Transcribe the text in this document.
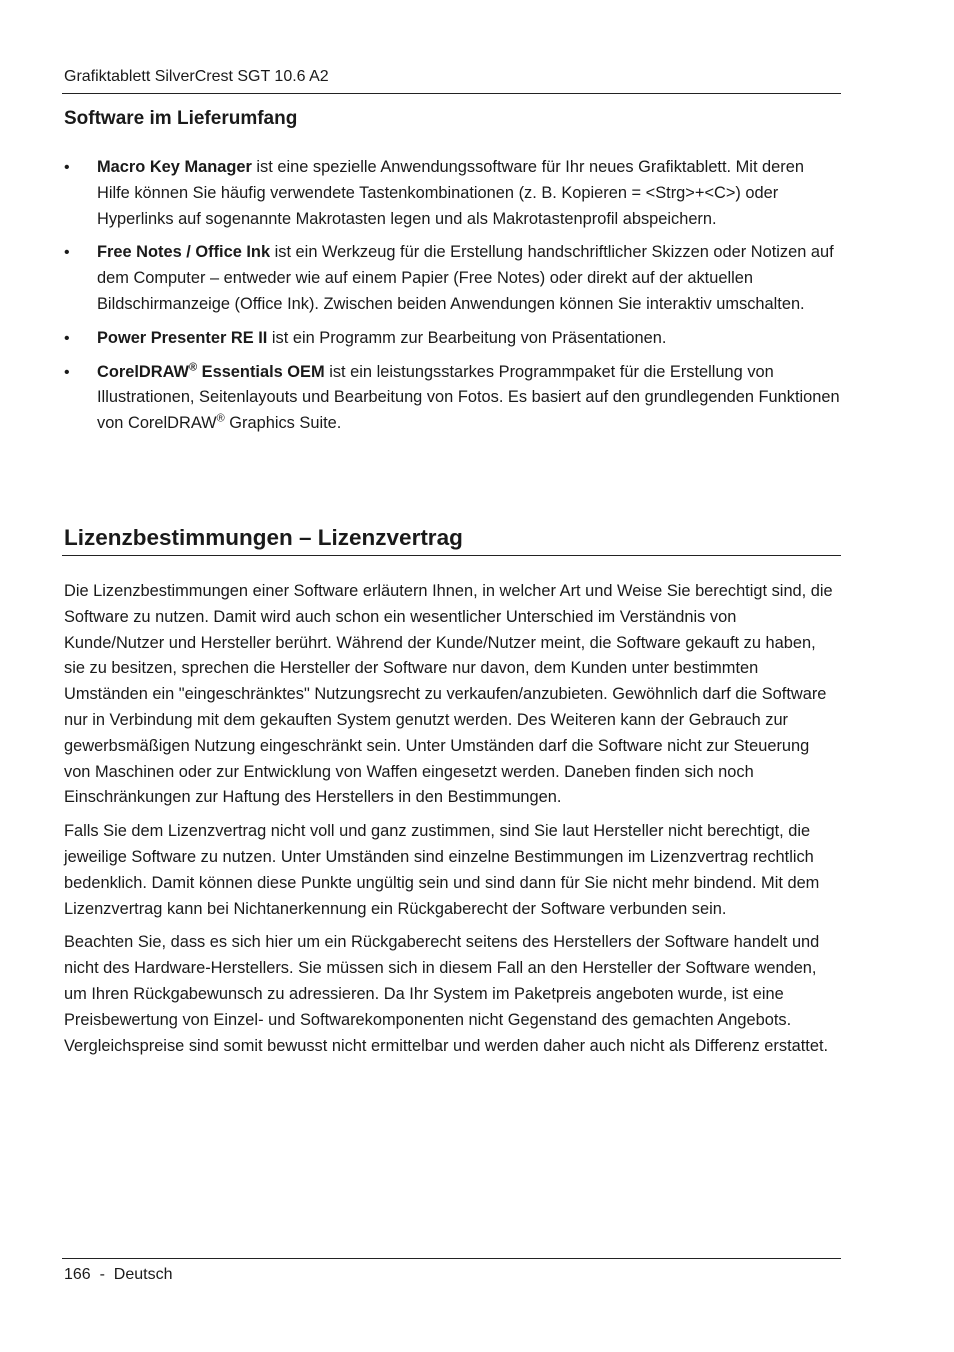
Grafiktablett SilverCrest SGT 10.6 A2
Software im Lieferumfang
• Macro Key Manager ist eine spezielle Anwendungssoftware für Ihr neues Grafiktablett. Mit deren Hilfe können Sie häufig verwendete Tastenkombinationen (z. B. Kopieren = <Strg>+<C>) oder Hyperlinks auf sogenannte Makrotasten legen und als Makrotastenprofil abspeichern.
• Free Notes / Office Ink ist ein Werkzeug für die Erstellung handschriftlicher Skizzen oder Notizen auf dem Computer – entweder wie auf einem Papier (Free Notes) oder direkt auf der aktuellen Bildschirmanzeige (Office Ink). Zwischen beiden Anwendungen können Sie interaktiv umschalten.
• Power Presenter RE II ist ein Programm zur Bearbeitung von Präsentationen.
• CorelDRAW® Essentials OEM ist ein leistungsstarkes Programmpaket für die Erstellung von Illustrationen, Seitenlayouts und Bearbeitung von Fotos. Es basiert auf den grundlegenden Funktionen von CorelDRAW® Graphics Suite.
Lizenzbestimmungen – Lizenzvertrag

Die Lizenzbestimmungen einer Software erläutern Ihnen, in welcher Art und Weise Sie berechtigt sind, die Software zu nutzen. Damit wird auch schon ein wesentlicher Unterschied im Verständnis von Kunde/Nutzer und Hersteller berührt. Während der Kunde/Nutzer meint, die Software gekauft zu haben, sie zu besitzen, sprechen die Hersteller der Software nur davon, dem Kunden unter bestimmten Umständen ein "eingeschränktes" Nutzungsrecht zu verkaufen/anzubieten. Gewöhnlich darf die Software nur in Verbindung mit dem gekauften System genutzt werden. Des Weiteren kann der Gebrauch zur gewerbsmäßigen Nutzung eingeschränkt sein. Unter Umständen darf die Software nicht zur Steuerung von Maschinen oder zur Entwicklung von Waffen eingesetzt werden. Daneben finden sich noch Einschränkungen zur Haftung des Herstellers in den Bestimmungen.

Falls Sie dem Lizenzvertrag nicht voll und ganz zustimmen, sind Sie laut Hersteller nicht berechtigt, die jeweilige Software zu nutzen. Unter Umständen sind einzelne Bestimmungen im Lizenzvertrag rechtlich bedenklich. Damit können diese Punkte ungültig sein und sind dann für Sie nicht mehr bindend. Mit dem Lizenzvertrag kann bei Nichtanerkennung ein Rückgaberecht der Software verbunden sein.

Beachten Sie, dass es sich hier um ein Rückgaberecht seitens des Herstellers der Software handelt und nicht des Hardware-Herstellers. Sie müssen sich in diesem Fall an den Hersteller der Software wenden, um Ihren Rückgabewunsch zu adressieren. Da Ihr System im Paketpreis angeboten wurde, ist eine Preisbewertung von Einzel- und Softwarekomponenten nicht Gegenstand des gemachten Angebots. Vergleichspreise sind somit bewusst nicht ermittelbar und werden daher auch nicht als Differenz erstattet.

166  -  Deutsch
